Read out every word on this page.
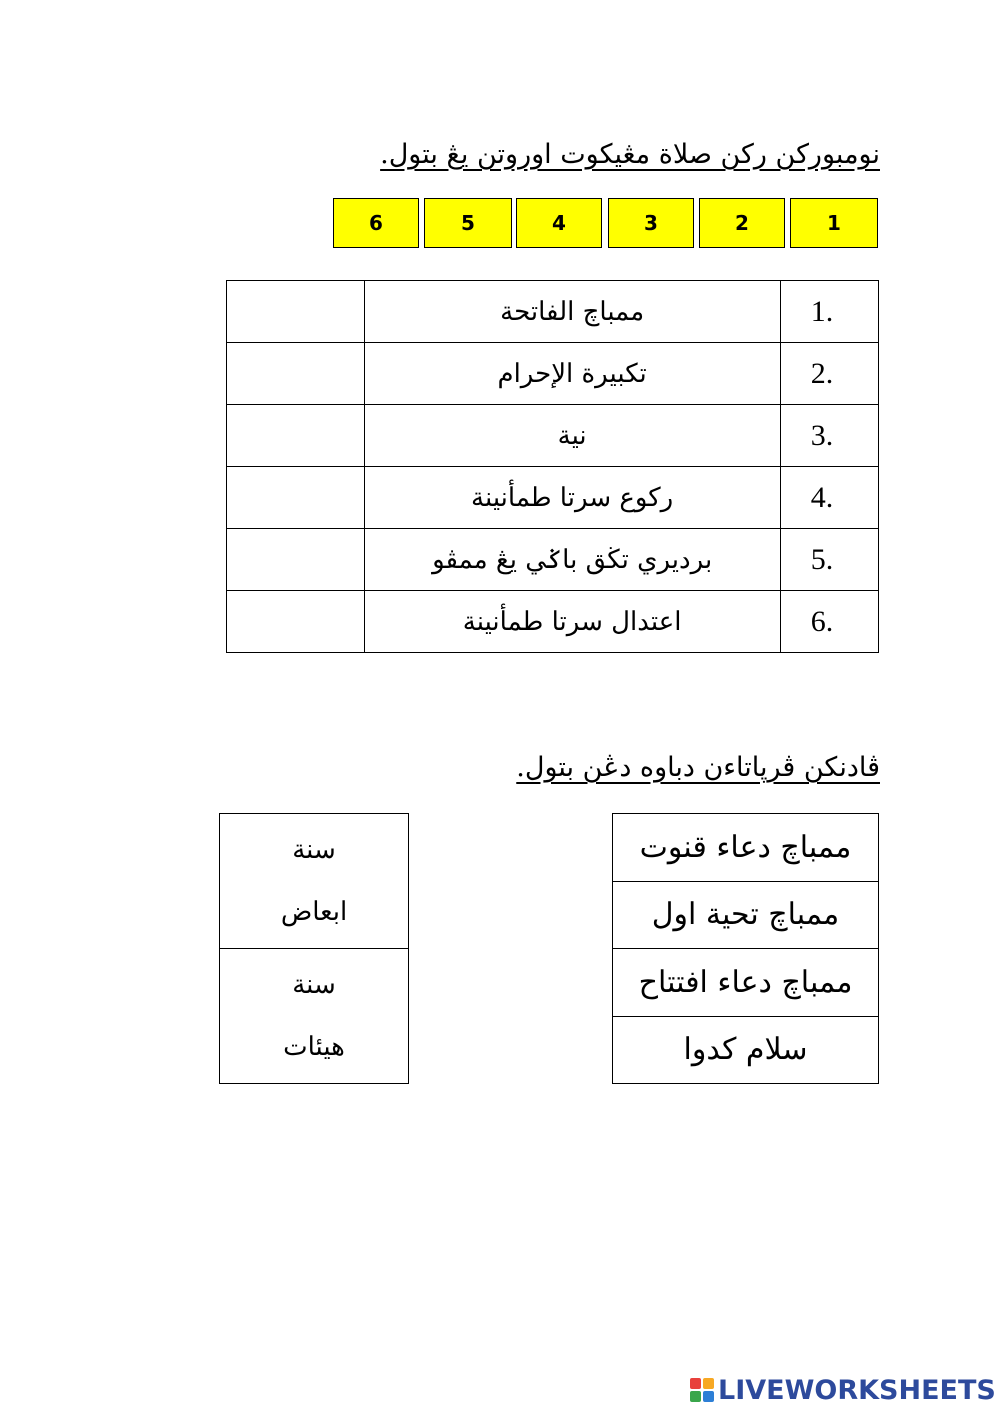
نومبورکن رکن صلاة مڠيکوت اوروتن يڠ بتول.
6	5	4	3	2	1
	ممباچ الفاتحة	1.
	تکبيرة الإحرام	2.
	نية	3.
	رکوع سرتا طمأنينة	4.
	برديري تڬق باݢي يڠ ممڤو	5.
	اعتدال سرتا طمأنينة	6.
ڤادنکن ڤرڽاتاءن دباوه دڠن بتول.
سنة
ابعاض

سنة
هيئات
ممباچ دعاء قنوت
ممباچ تحية اول
ممباچ دعاء افتتاح
سلام کدوا
LIVEWORKSHEETS
